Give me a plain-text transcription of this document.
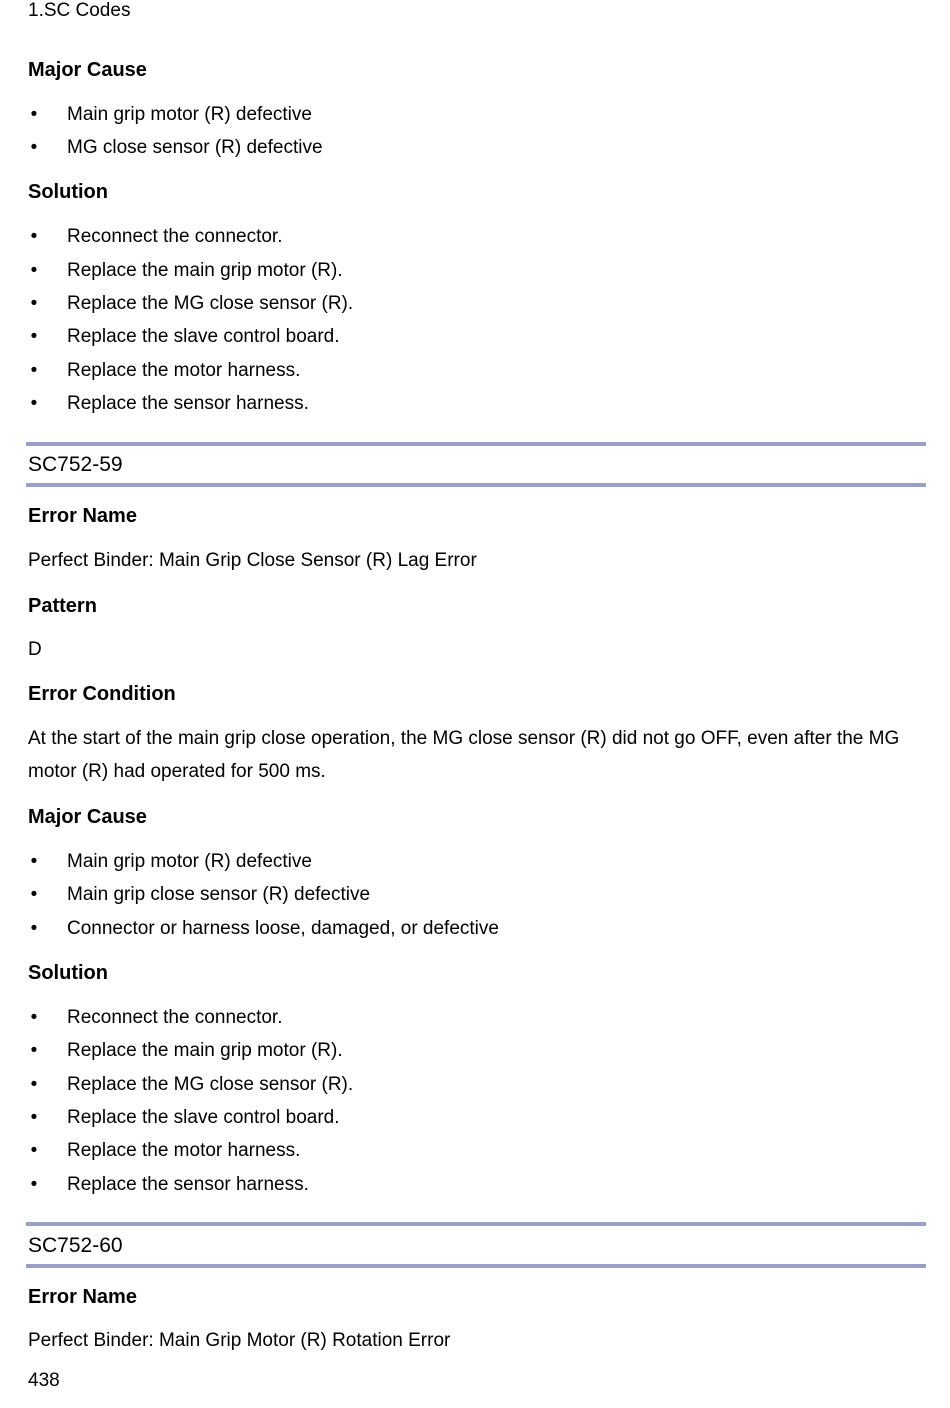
1.SC Codes
Major Cause
• Main grip motor (R) defective
• MG close sensor (R) defective
Solution
• Reconnect the connector.
• Replace the main grip motor (R).
• Replace the MG close sensor (R).
• Replace the slave control board.
• Replace the motor harness.
• Replace the sensor harness.
SC752-59
Error Name
Perfect Binder: Main Grip Close Sensor (R) Lag Error
Pattern
D
Error Condition
At the start of the main grip close operation, the MG close sensor (R) did not go OFF, even after the MG
motor (R) had operated for 500 ms.
Major Cause
• Main grip motor (R) defective
• Main grip close sensor (R) defective
• Connector or harness loose, damaged, or defective
Solution
• Reconnect the connector.
• Replace the main grip motor (R).
• Replace the MG close sensor (R).
• Replace the slave control board.
• Replace the motor harness.
• Replace the sensor harness.
SC752-60
Error Name
Perfect Binder: Main Grip Motor (R) Rotation Error
438
